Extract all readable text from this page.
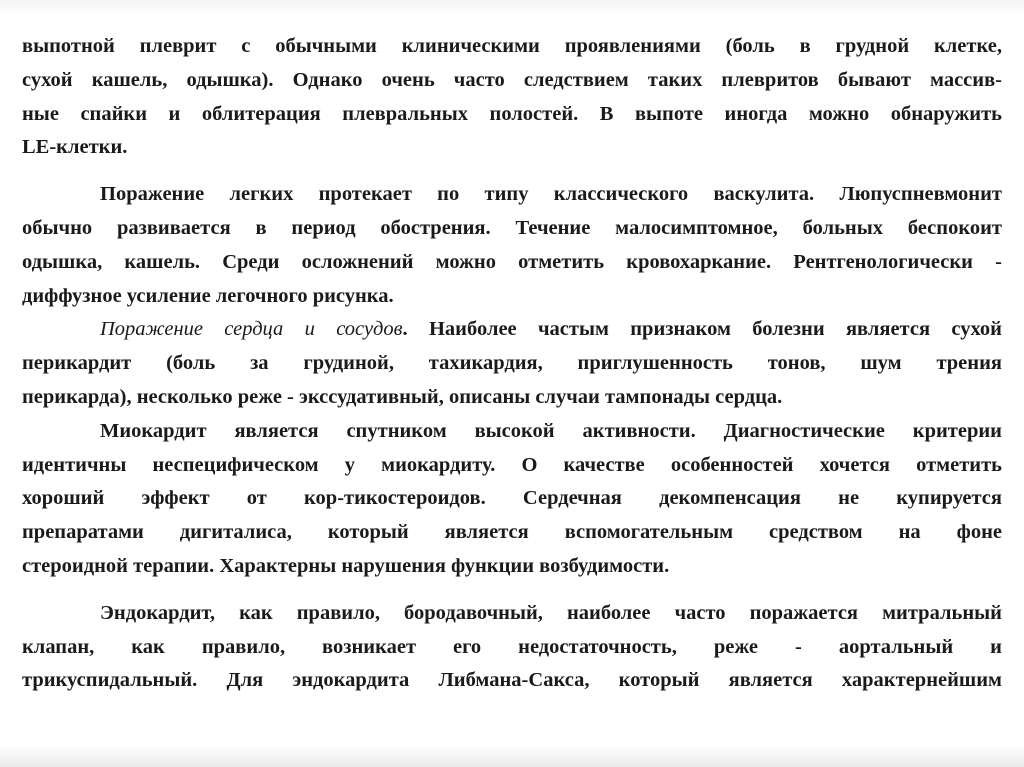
выпотной плеврит с обычными клиническими проявлениями (боль в грудной клетке,
сухой кашель, одышка). Однако очень часто следствием таких плевритов бывают массив-
ные спайки и облитерация плевральных полостей. В выпоте иногда можно обнаружить
LE-клетки.
Поражение легких протекает по типу классического васкулита. Люпуспневмонит
обычно развивается в период обострения. Течение малосимптомное, больных беспокоит
одышка, кашель. Среди осложнений можно отметить кровохаркание. Рентгенологически -
диффузное усиление легочного рисунка.
Поражение сердца и сосудов. Наиболее частым признаком болезни является сухой
перикардит (боль за грудиной, тахикардия, приглушенность тонов, шум трения
перикарда), несколько реже - экссудативный, описаны случаи тампонады сердца.
Миокардит является спутником высокой активности. Диагностические критерии
идентичны неспецифическом у миокардиту. О качестве особенностей хочется отметить
хороший эффект от кор-тикостероидов. Сердечная декомпенсация не купируется
препаратами дигиталиса, который является вспомогательным средством на фоне
стероидной терапии. Характерны нарушения функции возбудимости.
Эндокардит, как правило, бородавочный, наиболее часто поражается митральный
клапан, как правило, возникает его недостаточность, реже - аортальный и
трикуспидальный. Для эндокардита Либмана-Сакса, который является характернейшим
